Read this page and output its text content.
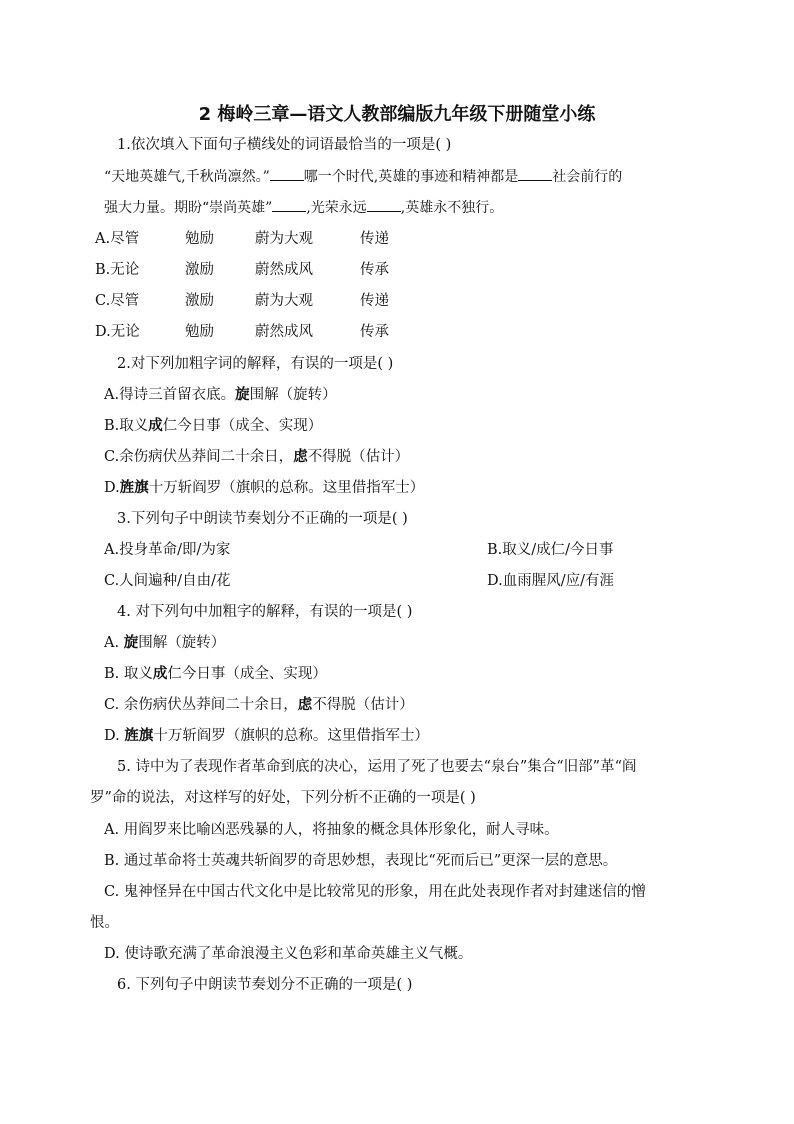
2 梅岭三章—语文人教部编版九年级下册随堂小练
1.依次填入下面句子横线处的词语最恰当的一项是( )
“天地英雄气,千秋尚凛然。” 哪一个时代,英雄的事迹和精神都是 社会前行的
强大力量。期盼“崇尚英雄” ,光荣永远 ,英雄永不独行。
A.尽管	勉励	蔚为大观	传递
B.无论	激励	蔚然成风	传承
C.尽管	激励	蔚为大观	传递
D.无论	勉励	蔚然成风	传承
2.对下列加粗字词的解释，有误的一项是( )
A.得诗三首留衣底。旋围解（旋转）
B.取义成仁今日事（成全、实现）
C.余伤病伏丛莽间二十余日，虑不得脱（估计）
D.旌旗十万斩阎罗（旗帜的总称。这里借指军士）
3.下列句子中朗读节奏划分不正确的一项是( )
A.投身革命/即/为家	B.取义/成仁/今日事
C.人间遍种/自由/花	D.血雨腥风/应/有涯
4. 对下列句中加粗字的解释，有误的一项是( )
A. 旋围解（旋转）
B. 取义成仁今日事（成全、实现）
C. 余伤病伏丛莽间二十余日，虑不得脱（估计）
D. 旌旗十万斩阎罗（旗帜的总称。这里借指军士）
5. 诗中为了表现作者革命到底的决心，运用了死了也要去“泉台”集合“旧部”革“阎
罗”命的说法，对这样写的好处，下列分析不正确的一项是( )
A. 用阎罗来比喻凶恶残暴的人，将抽象的概念具体形象化，耐人寻味。
B. 通过革命将士英魂共斩阎罗的奇思妙想，表现比“死而后已”更深一层的意思。
C. 鬼神怪异在中国古代文化中是比较常见的形象，用在此处表现作者对封建迷信的憎
恨。
D. 使诗歌充满了革命浪漫主义色彩和革命英雄主义气概。
6. 下列句子中朗读节奏划分不正确的一项是( )
